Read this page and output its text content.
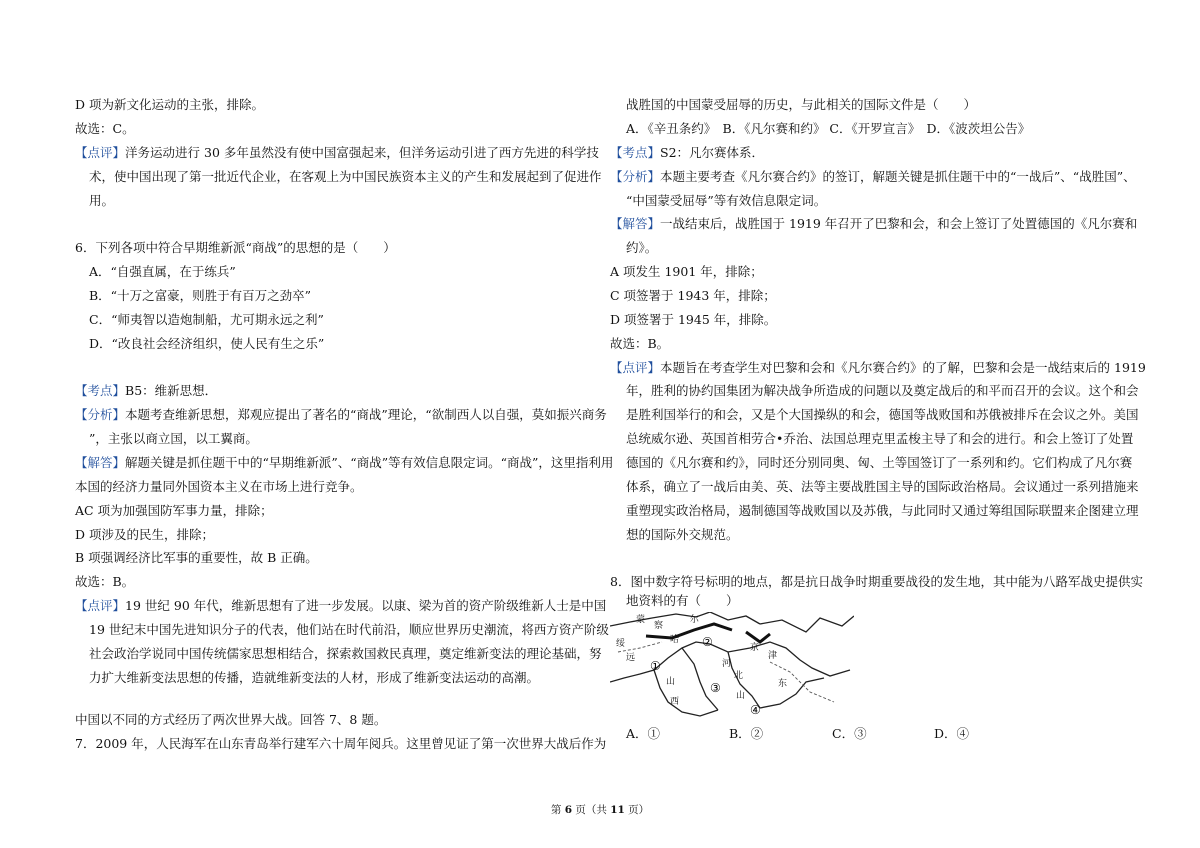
D 项为新文化运动的主张，排除。
故选：C。
【点评】洋务运动进行 30 多年虽然没有使中国富强起来，但洋务运动引进了西方先进的科学技
术，使中国出现了第一批近代企业，在客观上为中国民族资本主义的产生和发展起到了促进作
用。
6．下列各项中符合早期维新派“商战”的思想的是（　　）
A．“自强直属，在于练兵”
B．“十万之富豪，则胜于有百万之劲卒”
C．“师夷智以造炮制船，尤可期永远之利”
D．“改良社会经济组织，使人民有生之乐”
【考点】B5：维新思想．
【分析】本题考查维新思想，郑观应提出了著名的“商战”理论，“欲制西人以自强，莫如振兴商务
”，主张以商立国，以工翼商。
【解答】解题关键是抓住题干中的“早期维新派”、“商战”等有效信息限定词。“商战”，这里指利用
本国的经济力量同外国资本主义在市场上进行竞争。
AC 项为加强国防军事力量，排除；
D 项涉及的民生，排除；
B 项强调经济比军事的重要性，故 B 正确。
故选：B。
【点评】19 世纪 90 年代，维新思想有了进一步发展。以康、梁为首的资产阶级维新人士是中国
19 世纪末中国先进知识分子的代表，他们站在时代前沿，顺应世界历史潮流，将西方资产阶级
社会政治学说同中国传统儒家思想相结合，探索救国救民真理，奠定维新变法的理论基础，努
力扩大维新变法思想的传播，造就维新变法的人材，形成了维新变法运动的高潮。
中国以不同的方式经历了两次世界大战。回答 7、8 题。
7．2009 年，人民海军在山东青岛举行建军六十周年阅兵。这里曾见证了第一次世界大战后作为
战胜国的中国蒙受屈辱的历史，与此相关的国际文件是（　　）
A．《辛丑条约》　B．《凡尔赛和约》 C．《开罗宣言》　D．《波茨坦公告》
【考点】S2：凡尔赛体系．
【分析】本题主要考查《凡尔赛合约》的签订，解题关键是抓住题干中的“一战后”、“战胜国”、
“中国蒙受屈辱”等有效信息限定词。
【解答】一战结束后，战胜国于 1919 年召开了巴黎和会，和会上签订了处置德国的《凡尔赛和
约》。
A 项发生 1901 年，排除；
C 项签署于 1943 年，排除；
D 项签署于 1945 年，排除。
故选：B。
【点评】本题旨在考查学生对巴黎和会和《凡尔赛合约》的了解，巴黎和会是一战结束后的 1919
年，胜利的协约国集团为解决战争所造成的问题以及奠定战后的和平而召开的会议。这个和会
是胜利国举行的和会，又是个大国操纵的和会，德国等战败国和苏俄被排斥在会议之外。美国
总统威尔逊、英国首相劳合•乔治、法国总理克里孟梭主导了和会的进行。和会上签订了处置
德国的《凡尔赛和约》，同时还分别同奥、匈、土等国签订了一系列和约。它们构成了凡尔赛
体系，确立了一战后由美、英、法等主要战胜国主导的国际政治格局。会议通过一系列措施来
重塑现实政治格局，遏制德国等战败国以及苏俄，与此同时又通过筹组国际联盟来企图建立理
想的国际外交规范。
8．图中数字符号标明的地点，都是抗日战争时期重要战役的发生地，其中能为八路军战史提供实
地资料的有（　　）
蒙
察
哈
尔
绥
远
河
北
山
西
东
京
津
山
①
②
③
④
A．①	B．②	C．③	D．④
第 6 页（共 11 页）
